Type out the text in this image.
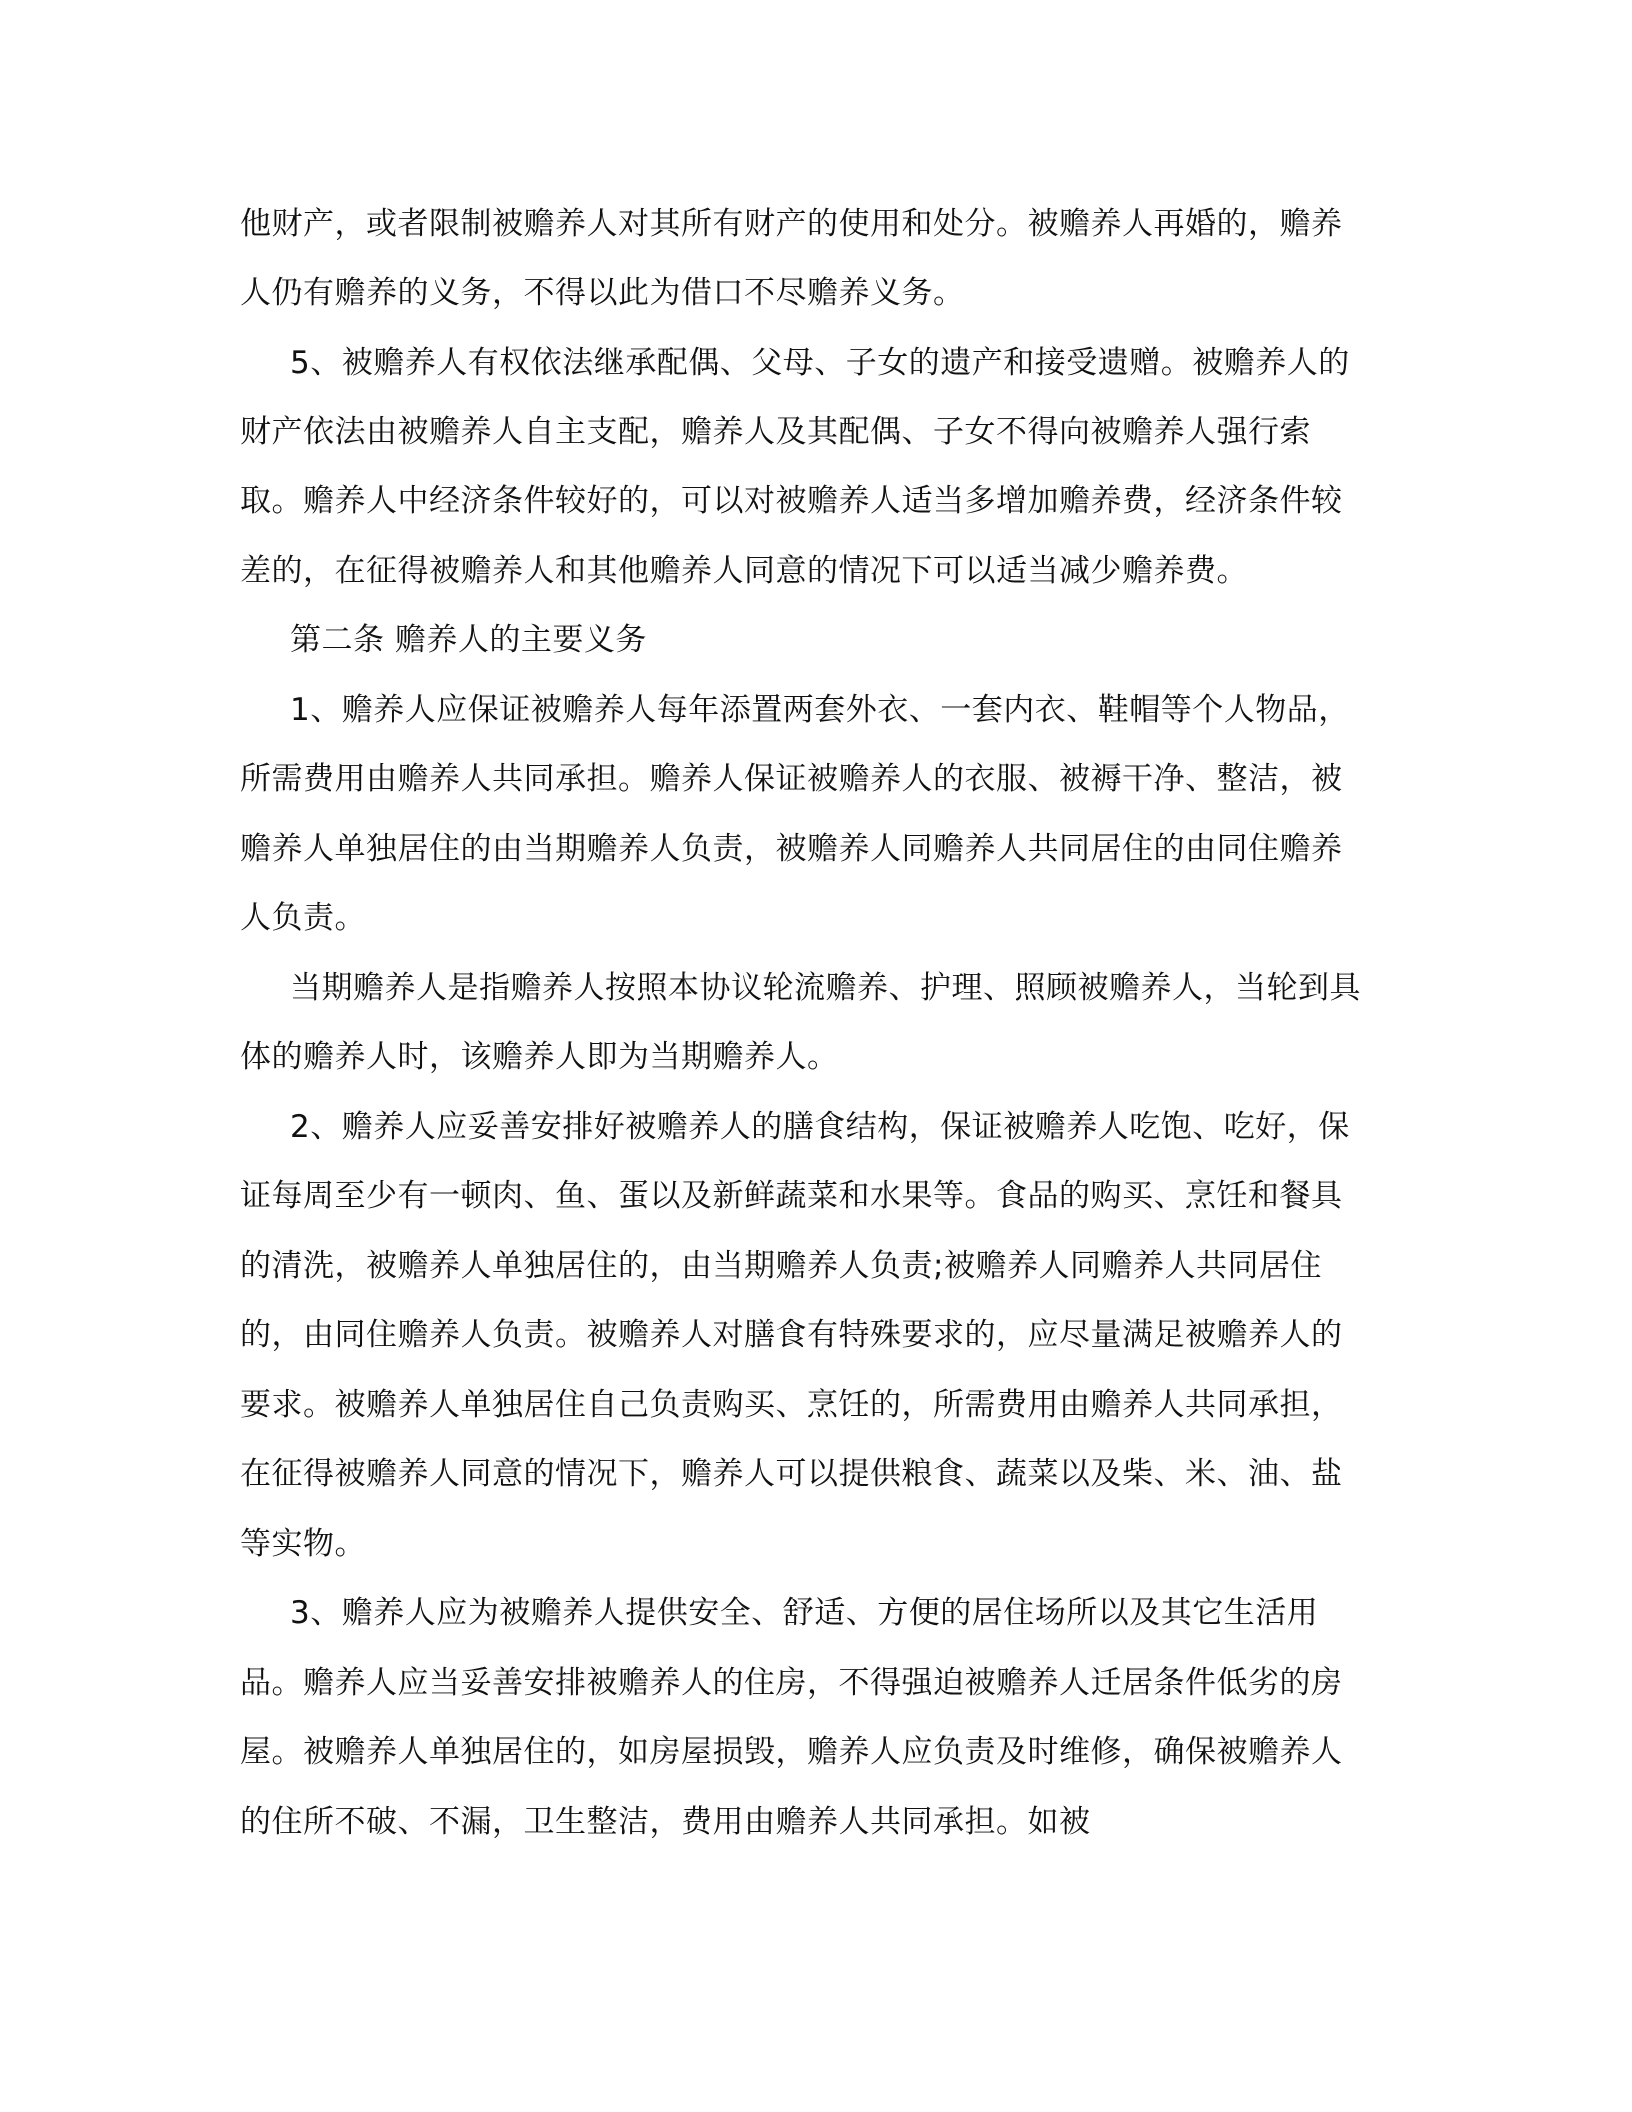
他财产，或者限制被赡养人对其所有财产的使用和处分。被赡养人再婚的，赡养

人仍有赡养的义务，不得以此为借口不尽赡养义务。

5、被赡养人有权依法继承配偶、父母、子女的遗产和接受遗赠。被赡养人的

财产依法由被赡养人自主支配，赡养人及其配偶、子女不得向被赡养人强行索

取。赡养人中经济条件较好的，可以对被赡养人适当多增加赡养费，经济条件较

差的，在征得被赡养人和其他赡养人同意的情况下可以适当减少赡养费。

第二条 赡养人的主要义务

1、赡养人应保证被赡养人每年添置两套外衣、一套内衣、鞋帽等个人物品，

所需费用由赡养人共同承担。赡养人保证被赡养人的衣服、被褥干净、整洁，被

赡养人单独居住的由当期赡养人负责，被赡养人同赡养人共同居住的由同住赡养

人负责。

当期赡养人是指赡养人按照本协议轮流赡养、护理、照顾被赡养人，当轮到具

体的赡养人时，该赡养人即为当期赡养人。

2、赡养人应妥善安排好被赡养人的膳食结构，保证被赡养人吃饱、吃好，保

证每周至少有一顿肉、鱼、蛋以及新鲜蔬菜和水果等。食品的购买、烹饪和餐具

的清洗，被赡养人单独居住的，由当期赡养人负责;被赡养人同赡养人共同居住

的，由同住赡养人负责。被赡养人对膳食有特殊要求的，应尽量满足被赡养人的

要求。被赡养人单独居住自己负责购买、烹饪的，所需费用由赡养人共同承担，

在征得被赡养人同意的情况下，赡养人可以提供粮食、蔬菜以及柴、米、油、盐

等实物。

3、赡养人应为被赡养人提供安全、舒适、方便的居住场所以及其它生活用

品。赡养人应当妥善安排被赡养人的住房，不得强迫被赡养人迁居条件低劣的房

屋。被赡养人单独居住的，如房屋损毁，赡养人应负责及时维修，确保被赡养人

的住所不破、不漏，卫生整洁，费用由赡养人共同承担。如被
